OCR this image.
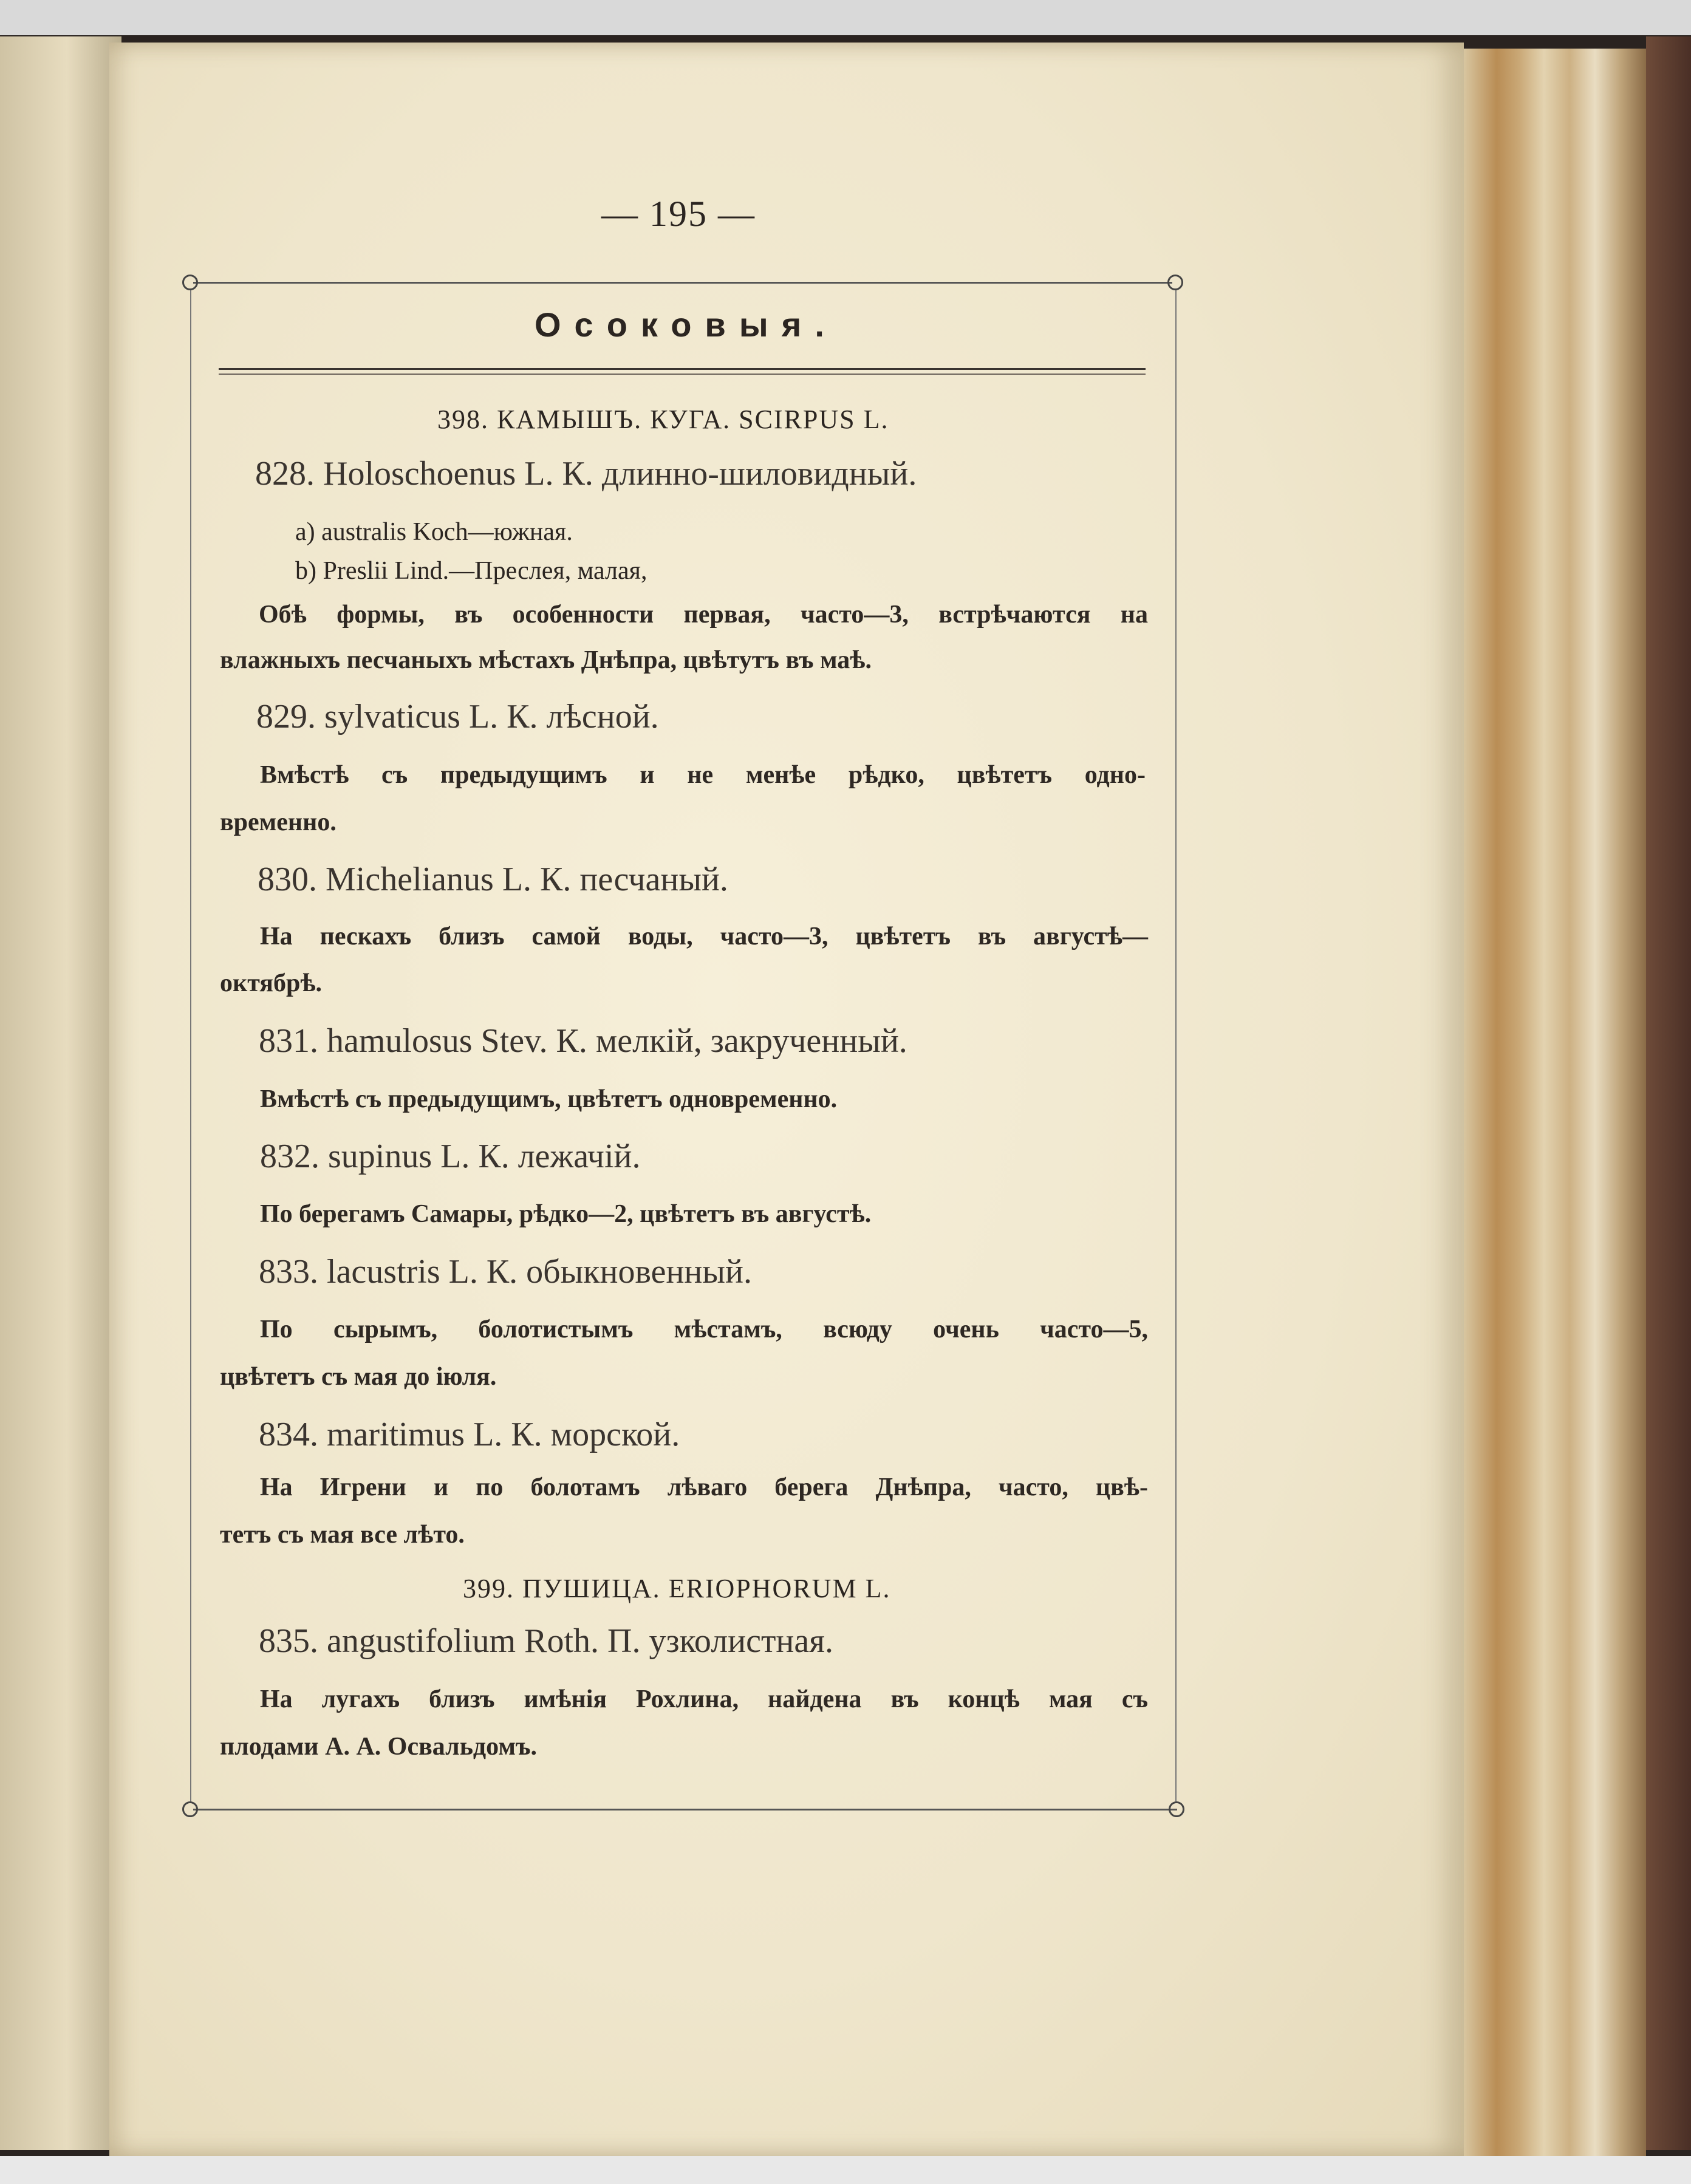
— 195 —
Осоковыя.
398. КАМЫШЪ. КУГА. SCIRPUS L.
828. Holoschoenus L. К. длинно-шиловидный.
a) australis Koch—южная.
b) Preslii Lind.—Преслея, малая,
Обѣ формы, въ особенности первая, часто—3, встрѣчаются на
влажныхъ песчаныхъ мѣстахъ Днѣпра, цвѣтутъ въ маѣ.
829. sylvaticus L. К. лѣсной.
Вмѣстѣ съ предыдущимъ и не менѣе рѣдко, цвѣтетъ одно-
временно.
830. Michelianus L. К. песчаный.
На пескахъ близъ самой воды, часто—3, цвѣтетъ въ августѣ—
октябрѣ.
831. hamulosus Stev. К. мелкій, закрученный.
Вмѣстѣ съ предыдущимъ, цвѣтетъ одновременно.
832. supinus L. К. лежачій.
По берегамъ Самары, рѣдко—2, цвѣтетъ въ августѣ.
833. lacustris L. К. обыкновенный.
По сырымъ, болотистымъ мѣстамъ, всюду очень часто—5,
цвѣтетъ съ мая до іюля.
834. maritimus L. К. морской.
На Игрени и по болотамъ лѣваго берега Днѣпра, часто, цвѣ-
тетъ съ мая все лѣто.
399. ПУШИЦА. ERIOPHORUM L.
835. angustifolium Roth. П. узколистная.
На лугахъ близъ имѣнія Рохлина, найдена въ концѣ мая съ
плодами А. А. Освальдомъ.
